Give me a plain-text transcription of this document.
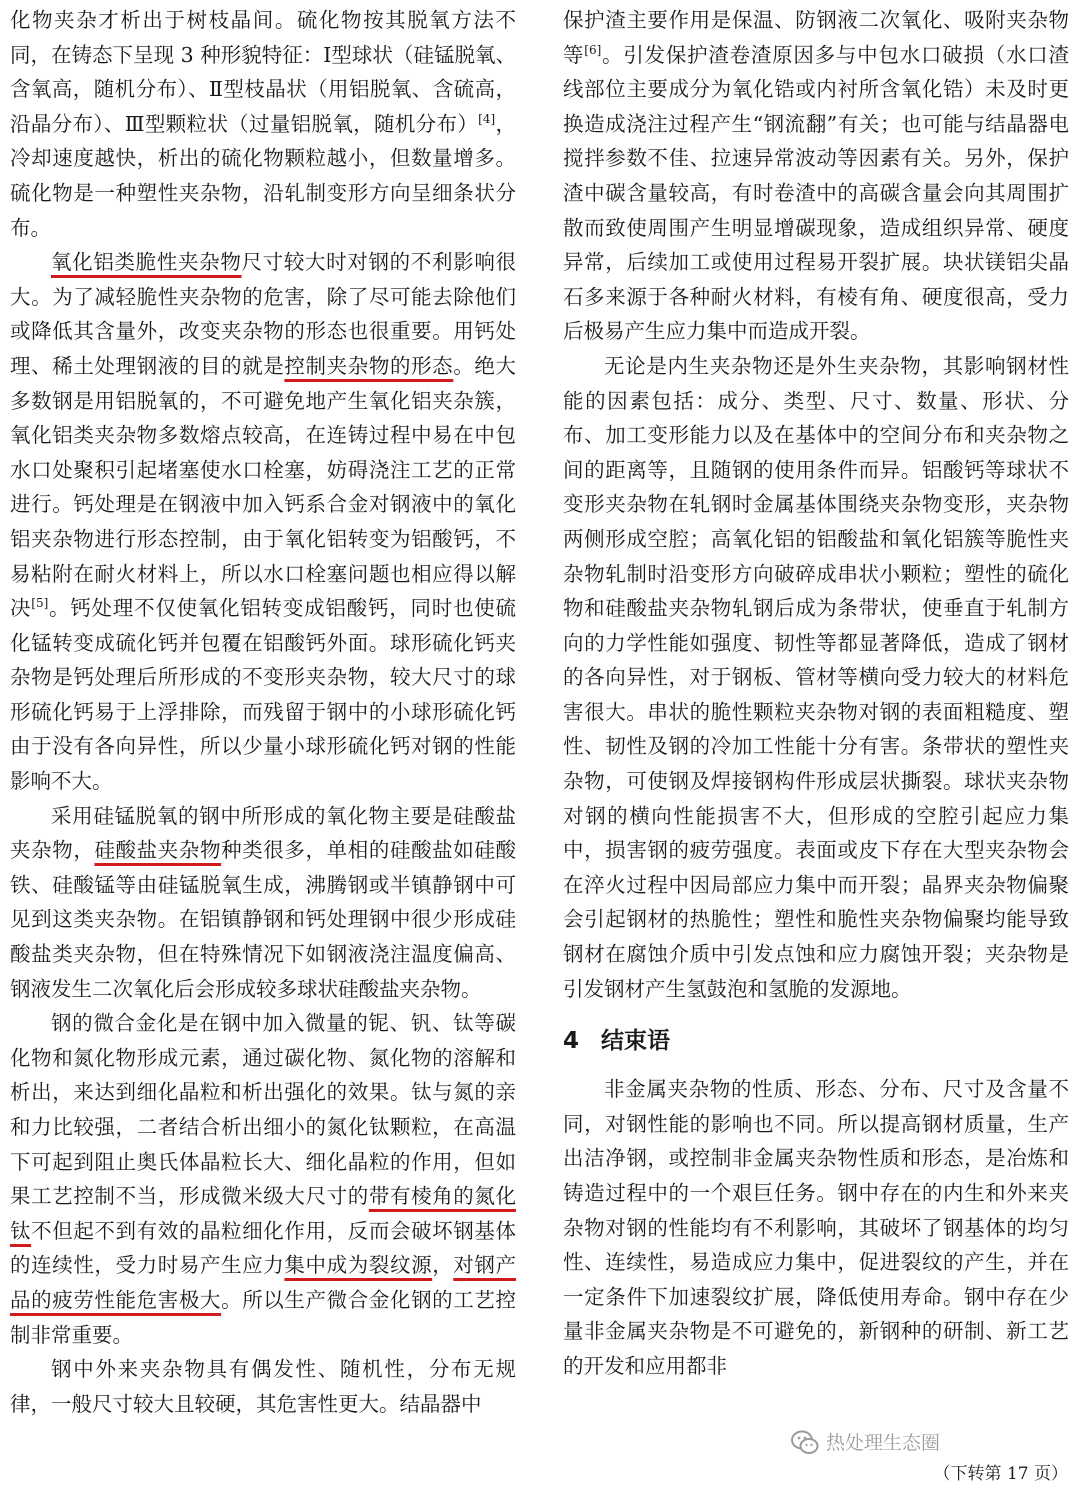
化物夹杂才析出于树枝晶间。硫化物按其脱氧方法不同，在铸态下呈现 3 种形貌特征：Ⅰ型球状（硅锰脱氧、含氧高，随机分布）、Ⅱ型枝晶状（用铝脱氧、含硫高，沿晶分布）、Ⅲ型颗粒状（过量铝脱氧，随机分布）[4]，冷却速度越快，析出的硫化物颗粒越小，但数量增多。硫化物是一种塑性夹杂物，沿轧制变形方向呈细条状分布。

氧化铝类脆性夹杂物尺寸较大时对钢的不利影响很大。为了减轻脆性夹杂物的危害，除了尽可能去除他们或降低其含量外，改变夹杂物的形态也很重要。用钙处理、稀土处理钢液的目的就是控制夹杂物的形态。绝大多数钢是用铝脱氧的，不可避免地产生氧化铝夹杂簇，氧化铝类夹杂物多数熔点较高，在连铸过程中易在中包水口处聚积引起堵塞使水口栓塞，妨碍浇注工艺的正常进行。钙处理是在钢液中加入钙系合金对钢液中的氧化铝夹杂物进行形态控制，由于氧化铝转变为铝酸钙，不易粘附在耐火材料上，所以水口栓塞问题也相应得以解决[5]。钙处理不仅使氧化铝转变成铝酸钙，同时也使硫化锰转变成硫化钙并包覆在铝酸钙外面。球形硫化钙夹杂物是钙处理后所形成的不变形夹杂物，较大尺寸的球形硫化钙易于上浮排除，而残留于钢中的小球形硫化钙由于没有各向异性，所以少量小球形硫化钙对钢的性能影响不大。

采用硅锰脱氧的钢中所形成的氧化物主要是硅酸盐夹杂物，硅酸盐夹杂物种类很多，单相的硅酸盐如硅酸铁、硅酸锰等由硅锰脱氧生成，沸腾钢或半镇静钢中可见到这类夹杂物。在铝镇静钢和钙处理钢中很少形成硅酸盐类夹杂物，但在特殊情况下如钢液浇注温度偏高、钢液发生二次氧化后会形成较多球状硅酸盐夹杂物。

钢的微合金化是在钢中加入微量的铌、钒、钛等碳化物和氮化物形成元素，通过碳化物、氮化物的溶解和析出，来达到细化晶粒和析出强化的效果。钛与氮的亲和力比较强，二者结合析出细小的氮化钛颗粒，在高温下可起到阻止奥氏体晶粒长大、细化晶粒的作用，但如果工艺控制不当，形成微米级大尺寸的带有棱角的氮化钛不但起不到有效的晶粒细化作用，反而会破坏钢基体的连续性，受力时易产生应力集中成为裂纹源，对钢产品的疲劳性能危害极大。所以生产微合金化钢的工艺控制非常重要。

钢中外来夹杂物具有偶发性、随机性，分布无规律，一般尺寸较大且较硬，其危害性更大。结晶器中

保护渣主要作用是保温、防钢液二次氧化、吸附夹杂物等[6]。引发保护渣卷渣原因多与中包水口破损（水口渣线部位主要成分为氧化锆或内衬所含氧化锆）未及时更换造成浇注过程产生“钢流翻”有关；也可能与结晶器电搅拌参数不佳、拉速异常波动等因素有关。另外，保护渣中碳含量较高，有时卷渣中的高碳含量会向其周围扩散而致使周围产生明显增碳现象，造成组织异常、硬度异常，后续加工或使用过程易开裂扩展。块状镁铝尖晶石多来源于各种耐火材料，有棱有角、硬度很高，受力后极易产生应力集中而造成开裂。

无论是内生夹杂物还是外生夹杂物，其影响钢材性能的因素包括：成分、类型、尺寸、数量、形状、分布、加工变形能力以及在基体中的空间分布和夹杂物之间的距离等，且随钢的使用条件而异。铝酸钙等球状不变形夹杂物在轧钢时金属基体围绕夹杂物变形，夹杂物两侧形成空腔；高氧化铝的铝酸盐和氧化铝簇等脆性夹杂物轧制时沿变形方向破碎成串状小颗粒；塑性的硫化物和硅酸盐夹杂物轧钢后成为条带状，使垂直于轧制方向的力学性能如强度、韧性等都显著降低，造成了钢材的各向异性，对于钢板、管材等横向受力较大的材料危害很大。串状的脆性颗粒夹杂物对钢的表面粗糙度、塑性、韧性及钢的冷加工性能十分有害。条带状的塑性夹杂物，可使钢及焊接钢构件形成层状撕裂。球状夹杂物对钢的横向性能损害不大，但形成的空腔引起应力集中，损害钢的疲劳强度。表面或皮下存在大型夹杂物会在淬火过程中因局部应力集中而开裂；晶界夹杂物偏聚会引起钢材的热脆性；塑性和脆性夹杂物偏聚均能导致钢材在腐蚀介质中引发点蚀和应力腐蚀开裂；夹杂物是引发钢材产生氢鼓泡和氢脆的发源地。

4 结束语

非金属夹杂物的性质、形态、分布、尺寸及含量不同，对钢性能的影响也不同。所以提高钢材质量，生产出洁净钢，或控制非金属夹杂物性质和形态，是冶炼和铸造过程中的一个艰巨任务。钢中存在的内生和外来夹杂物对钢的性能均有不利影响，其破坏了钢基体的均匀性、连续性，易造成应力集中，促进裂纹的产生，并在一定条件下加速裂纹扩展，降低使用寿命。钢中存在少量非金属夹杂物是不可避免的，新钢种的研制、新工艺的开发和应用都非

热处理生态圈
（下转第 17 页）
